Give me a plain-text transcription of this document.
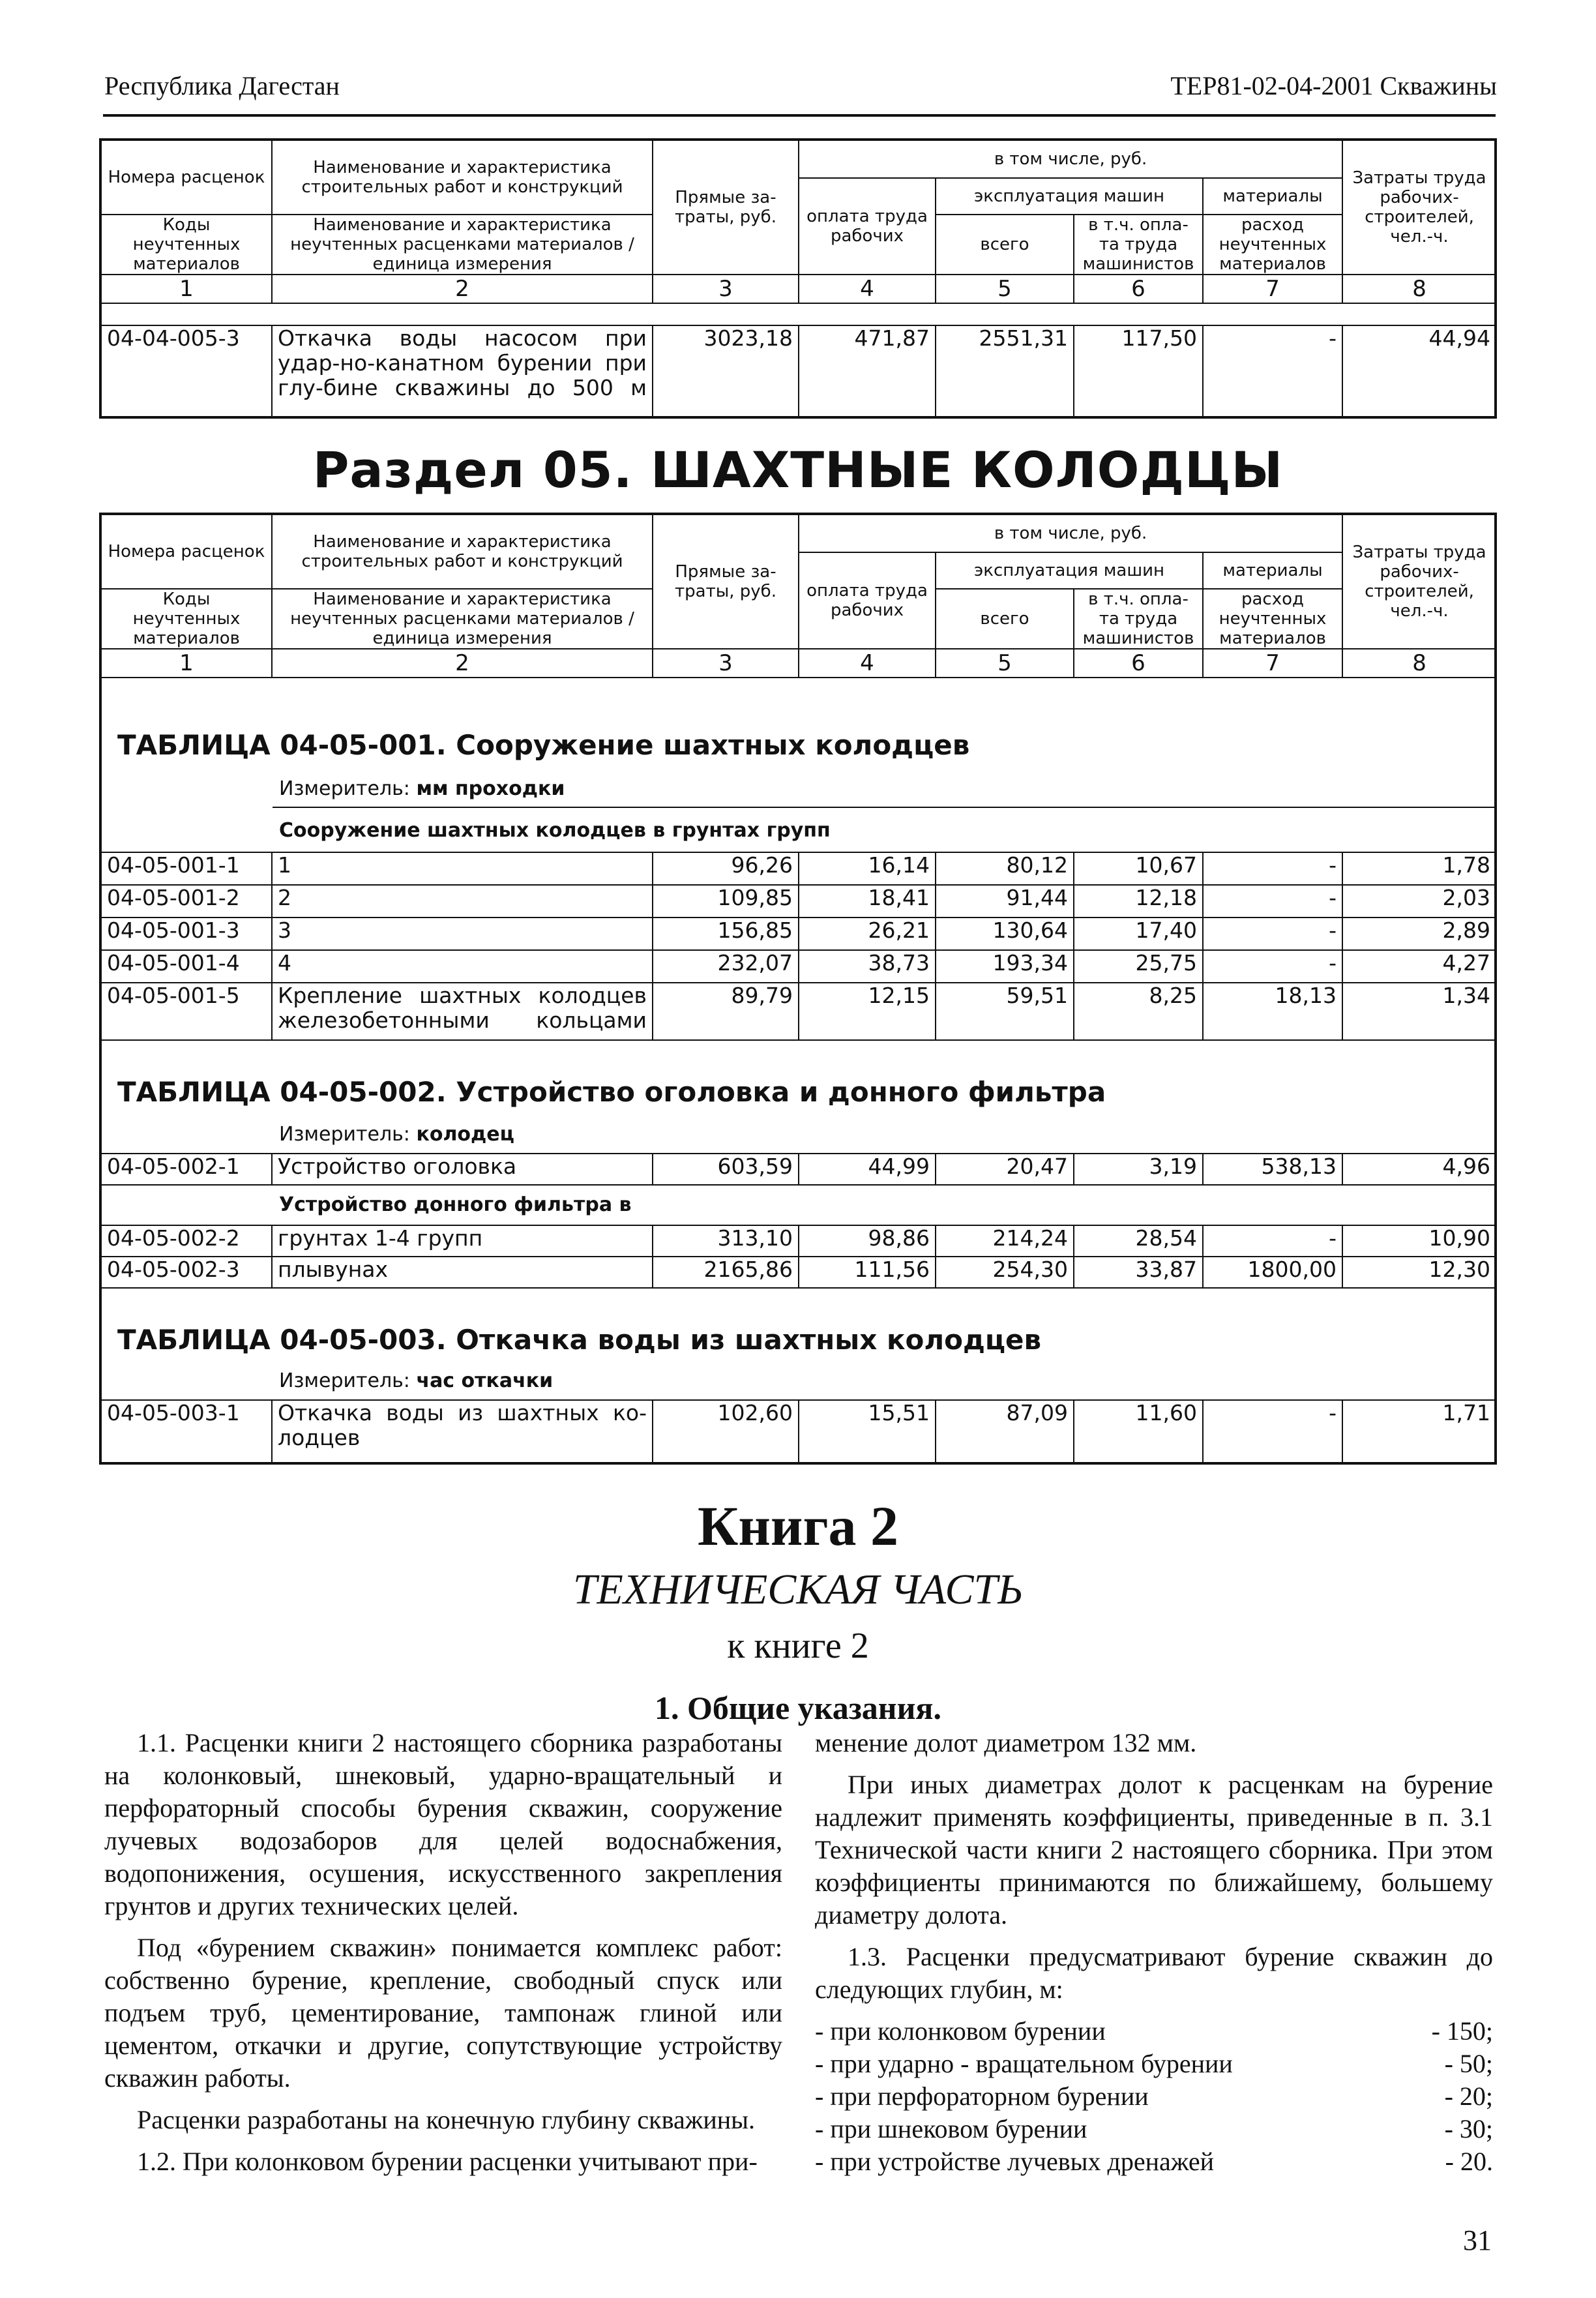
Республика Дагестан	ТЕР81-02-04-2001 Скважины
Номера расценок	Наименование и характеристика строительных работ и конструкций	Прямые за-траты, руб.	в том числе, руб.				Затраты труда рабочих-строителей, чел.-ч.
			оплата труда рабочих	эксплуатация машин		материалы	
Коды неучтенных материалов	Наименование и характеристика неучтенных расценками материалов / единица измерения			всего	в т.ч. опла-та труда машинистов	расход неучтенных материалов	

1	2	3	4	5	6	7	8
04-04-005-3	Откачка воды насосом при удар-но-канатном бурении при глу-бине скважины до 500 м	3023,18	471,87	2551,31	117,50	-	44,94
Раздел 05. ШАХТНЫЕ КОЛОДЦЫ
Номера расценок	Наименование и характеристика строительных работ и конструкций	Прямые за-траты, руб.	в том числе, руб.				Затраты труда рабочих-строителей, чел.-ч.
			оплата труда рабочих	эксплуатация машин		материалы	
Коды неучтенных материалов	Наименование и характеристика неучтенных расценками материалов / единица измерения			всего	в т.ч. опла-та труда машинистов	расход неучтенных материалов	

1	2	3	4	5	6	7	8
ТАБЛИЦА 04-05-001. Сооружение шахтных колодцев
Измеритель: мм проходки
Сооружение шахтных колодцев в грунтах групп
04-05-001-1	1	96,26	16,14	80,12	10,67	-	1,78
04-05-001-2	2	109,85	18,41	91,44	12,18	-	2,03
04-05-001-3	3	156,85	26,21	130,64	17,40	-	2,89
04-05-001-4	4	232,07	38,73	193,34	25,75	-	4,27
04-05-001-5	Крепление шахтных колодцев железобетонными кольцами	89,79	12,15	59,51	8,25	18,13	1,34
ТАБЛИЦА 04-05-002. Устройство оголовка и донного фильтра
Измеритель: колодец
04-05-002-1	Устройство оголовка	603,59	44,99	20,47	3,19	538,13	4,96
Устройство донного фильтра в
04-05-002-2	грунтах 1-4 групп	313,10	98,86	214,24	28,54	-	10,90
04-05-002-3	плывунах	2165,86	111,56	254,30	33,87	1800,00	12,30
ТАБЛИЦА 04-05-003. Откачка воды из шахтных колодцев
Измеритель: час откачки
04-05-003-1	Откачка воды из шахтных ко-лодцев	102,60	15,51	87,09	11,60	-	1,71
Книга 2
ТЕХНИЧЕСКАЯ ЧАСТЬ
к книге 2
1. Общие указания.

1.1. Расценки книги 2 настоящего сборника разработаны на колонковый, шнековый, ударно-вращательный и перфораторный способы бурения скважин, сооружение лучевых водозаборов для целей водоснабжения, водопонижения, осушения, искусственного закрепления грунтов и других технических целей.

Под «бурением скважин» понимается комплекс работ: собственно бурение, крепление, свободный спуск или подъем труб, цементирование, тампонаж глиной или цементом, откачки и другие, сопутствующие устройству скважин работы.

Расценки разработаны на конечную глубину скважины.

1.2. При колонковом бурении расценки учитывают при-

менение долот диаметром 132 мм.

При иных диаметрах долот к расценкам на бурение надлежит применять коэффициенты, приведенные в п. 3.1 Технической части книги 2 настоящего сборника. При этом коэффициенты принимаются по ближайшему, большему диаметру долота.

1.3. Расценки предусматривают бурение скважин до следующих глубин, м:

- при колонковом бурении	- 150;
- при ударно - вращательном бурении	- 50;
- при перфораторном бурении	- 20;
- при шнековом бурении	- 30;
- при устройстве лучевых дренажей	- 20.
31
